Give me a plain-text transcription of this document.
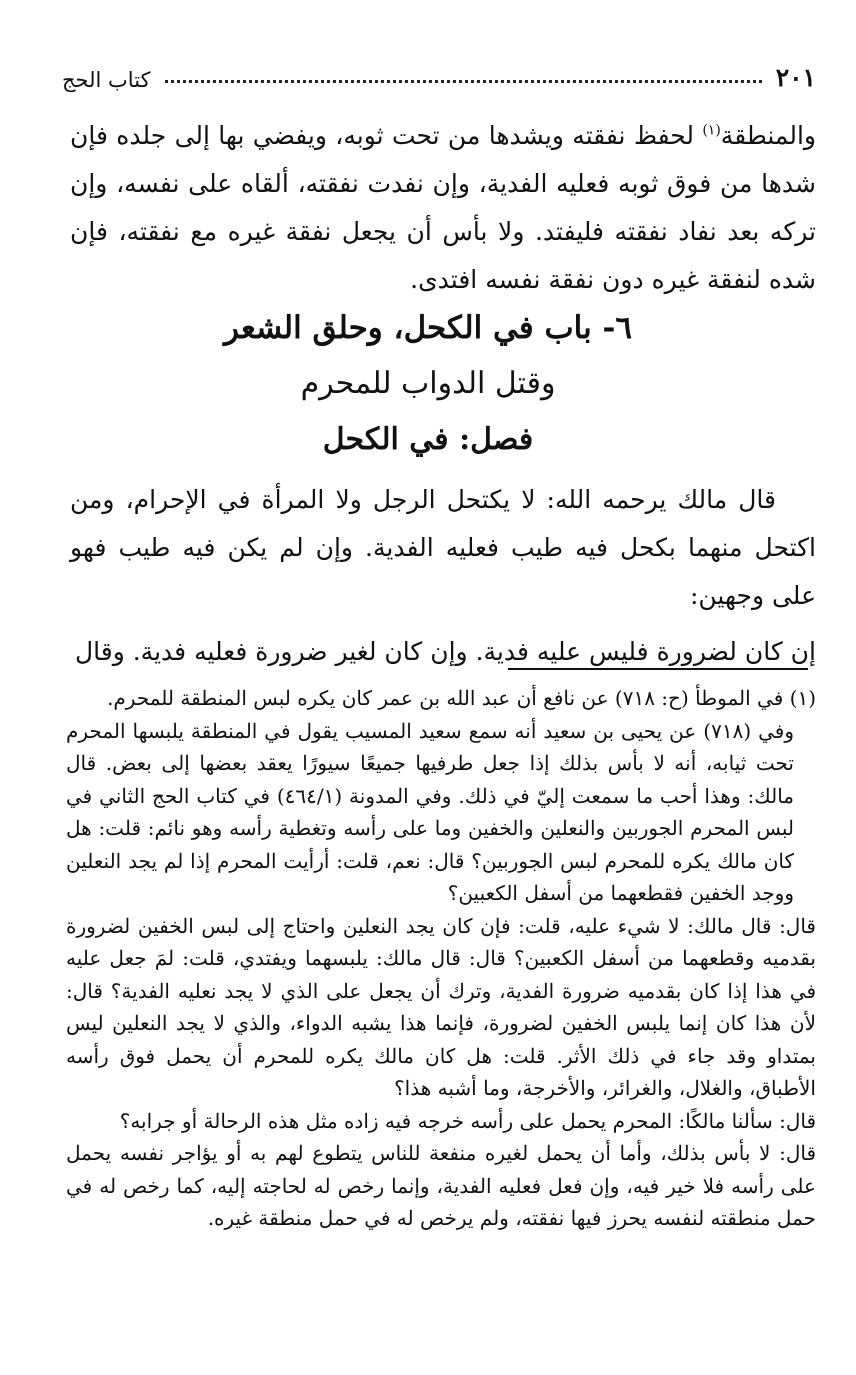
٢٠١
كتاب الحج

والمنطقة$^{(١)}$ لحفظ نفقته ويشدها من تحت ثوبه، ويفضي بها إلى جلده فإن شدها من فوق ثوبه فعليه الفدية، وإن نفدت نفقته، ألقاه على نفسه، وإن تركه بعد نفاد نفقته فليفتد. ولا بأس أن يجعل نفقة غيره مع نفقته، فإن شده لنفقة غيره دون نفقة نفسه افتدى.

٦- باب في الكحل، وحلق الشعر
وقتل الدواب للمحرم
فصل: في الكحل

قال مالك يرحمه الله: لا يكتحل الرجل ولا المرأة في الإحرام، ومن اكتحل منهما بكحل فيه طيب فعليه الفدية. وإن لم يكن فيه طيب فهو على وجهين:

إن كان لضرورة فليس عليه فدية. وإن كان لغير ضرورة فعليه فدية. وقال

(١) في الموطأ (ح: ٧١٨) عن نافع أن عبد الله بن عمر كان يكره لبس المنطقة للمحرم.

وفي (٧١٨) عن يحيى بن سعيد أنه سمع سعيد المسيب يقول في المنطقة يلبسها المحرم تحت ثيابه، أنه لا بأس بذلك إذا جعل طرفيها جميعًا سيورًا يعقد بعضها إلى بعض. قال مالك: وهذا أحب ما سمعت إليّ في ذلك. وفي المدونة (٤٦٤/١) في كتاب الحج الثاني في لبس المحرم الجوربين والنعلين والخفين وما على رأسه وتغطية رأسه وهو نائم: قلت: هل كان مالك يكره للمحرم لبس الجوربين؟ قال: نعم، قلت: أرأيت المحرم إذا لم يجد النعلين ووجد الخفين فقطعهما من أسفل الكعبين؟

قال: قال مالك: لا شيء عليه، قلت: فإن كان يجد النعلين واحتاج إلى لبس الخفين لضرورة بقدميه وقطعهما من أسفل الكعبين؟ قال: قال مالك: يلبسهما ويفتدي، قلت: لمَ جعل عليه في هذا إذا كان بقدميه ضرورة الفدية، وترك أن يجعل على الذي لا يجد نعليه الفدية؟ قال: لأن هذا كان إنما يلبس الخفين لضرورة، فإنما هذا يشبه الدواء، والذي لا يجد النعلين ليس بمتداو وقد جاء في ذلك الأثر. قلت: هل كان مالك يكره للمحرم أن يحمل فوق رأسه الأطباق، والغلال، والغرائر، والأخرجة، وما أشبه هذا؟

قال: سألنا مالكًا: المحرم يحمل على رأسه خرجه فيه زاده مثل هذه الرحالة أو جرابه؟

قال: لا بأس بذلك، وأما أن يحمل لغيره منفعة للناس يتطوع لهم به أو يؤاجر نفسه يحمل على رأسه فلا خير فيه، وإن فعل فعليه الفدية، وإنما رخص له لحاجته إليه، كما رخص له في حمل منطقته لنفسه يحرز فيها نفقته، ولم يرخص له في حمل منطقة غيره.
